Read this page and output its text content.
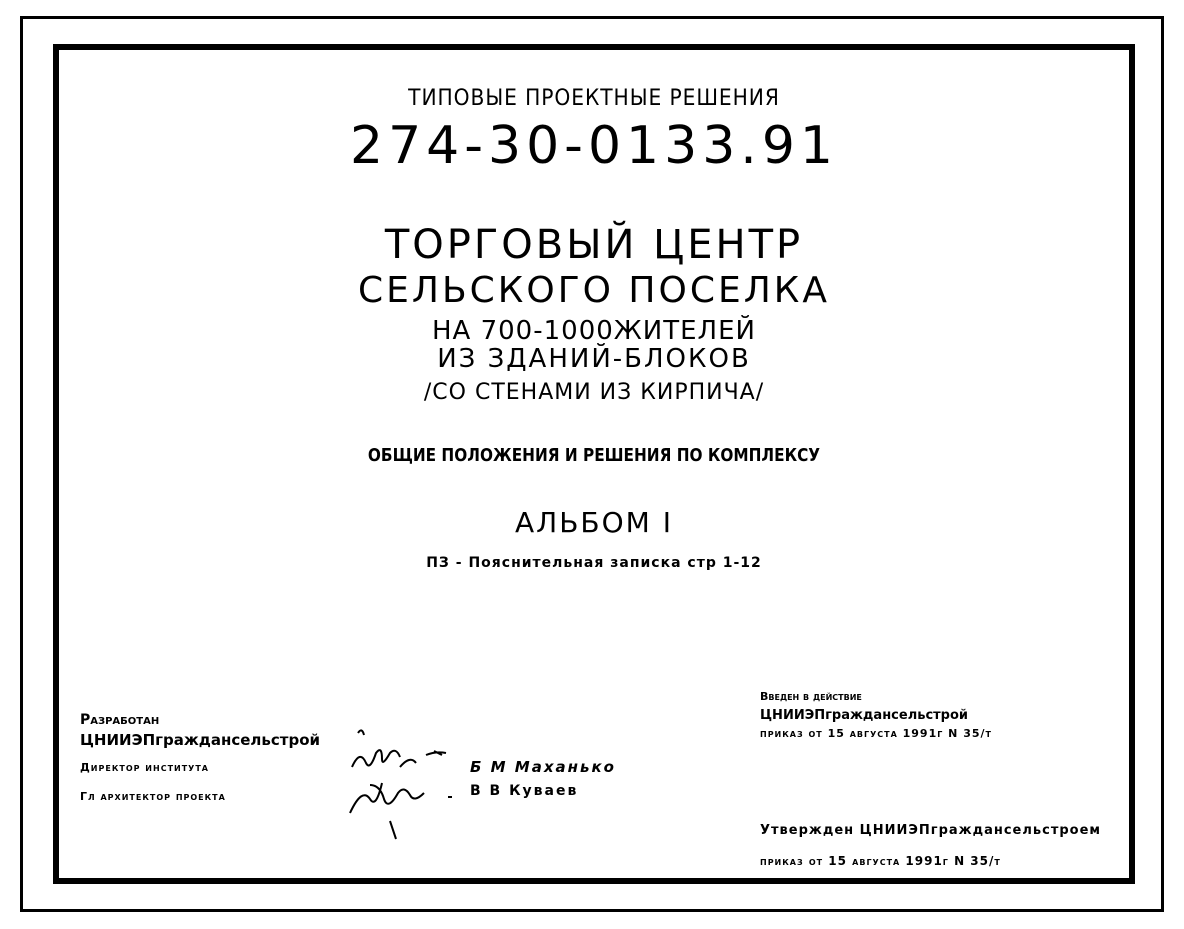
ТИПОВЫЕ ПРОЕКТНЫЕ РЕШЕНИЯ
274-30-0133.91
ТОРГОВЫЙ ЦЕНТР
СЕЛЬСКОГО ПОСЕЛКА
НА 700-1000ЖИТЕЛЕЙ
ИЗ ЗДАНИЙ-БЛОКОВ
/СО СТЕНАМИ ИЗ КИРПИЧА/
ОБЩИЕ ПОЛОЖЕНИЯ И РЕШЕНИЯ ПО КОМПЛЕКСУ
АЛЬБОМ I
ПЗ - Пояснительная записка стр 1-12
Разработан
ЦНИИЭПграждансельстрой
Директор института
Гл архитектор проекта
Б М Маханько
В В Куваев
Введен в действие
ЦНИИЭПграждансельстрой
приказ от 15 августа 1991г N 35/т
Утвержден ЦНИИЭПграждансельстроем
приказ от 15 августа 1991г N 35/т
